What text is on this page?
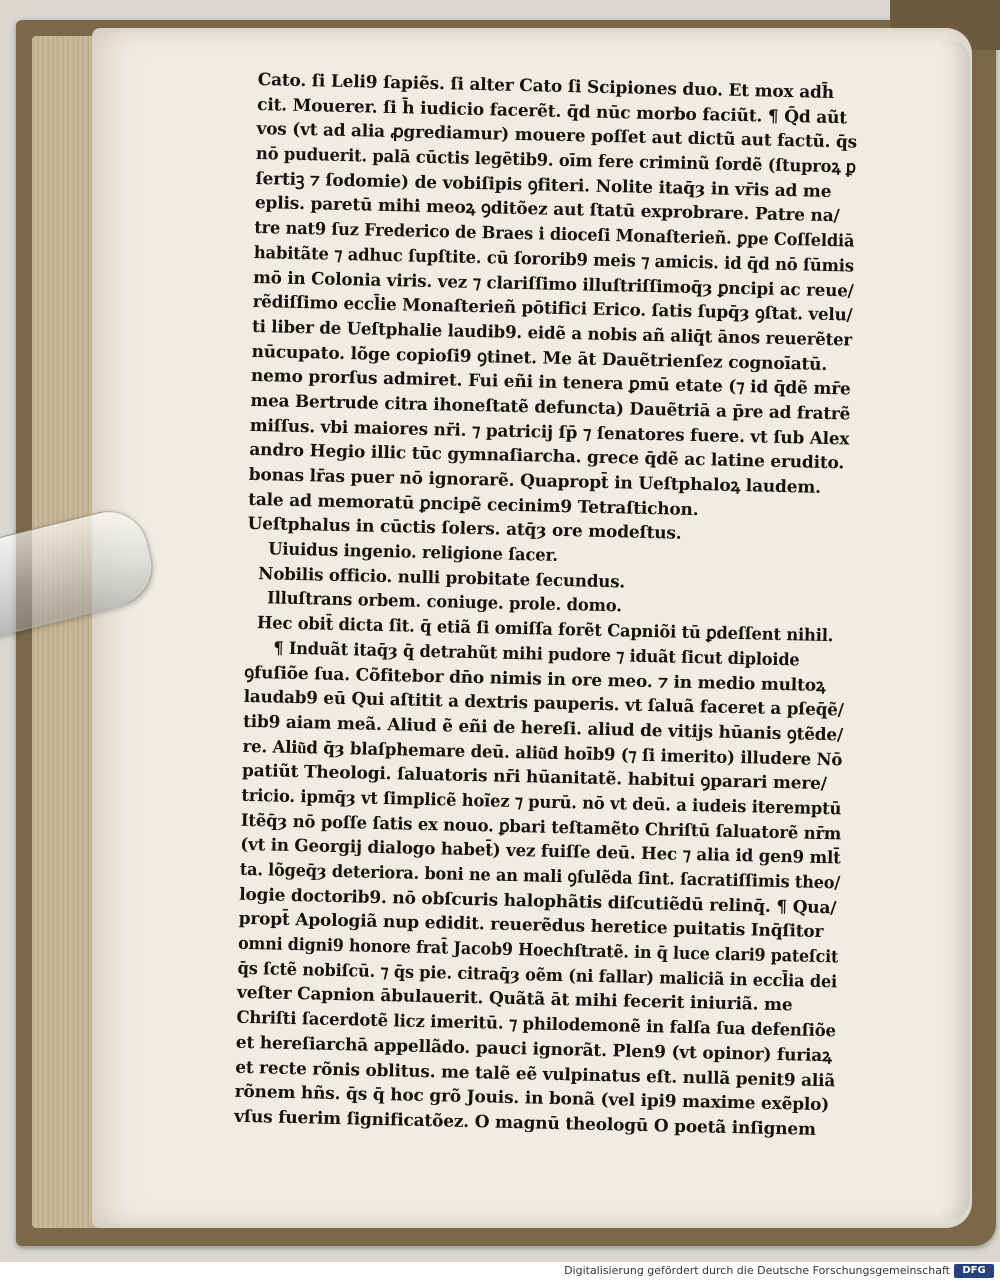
Cato. ſi Leli9 ſapiẽs. ſi alter Cato ſi Scipiones duo. Et mox adh̄
cit. Mouerer. ſi h̄ iudicio facerẽt. q̄d nūc morbo faciũt. ¶ Q̄d aũt
vos (vt ad alia ꝓgrediamur) mouere poſſet aut dictũ aut factũ. q̄s
nō puduerit. palā cūctis legētib9. oīm fere criminũ ſordẽ (ſtuproꝝ ꝑ
ſertiꝫ ⁊ ſodomie) de vobiſipis ꝯfiteri. Nolite itaq̄ȝ in vr̄is ad me
eplis. paretū mihi meoꝝ ꝯditõez aut ſtatū exprobrare. Patre na/
tre nat9 ſuz Frederico de Braes i dioceſi Monaſterieñ. ꝑpe Coſſeldiā
habitãte ⁊ adhuc ſupſtite. cū ſororib9 meis ⁊ amicis. id q̄d nō ſūmis
mō in Colonia viris. vez ⁊ clariſſimo illuſtriſſimoq̄ȝ ꝑncipi ac reue/
rẽdiſſimo eccl̄ie Monaſterieñ pōtifici Erico. ſatis ſupq̄ȝ ꝯſtat. velu/
ti liber de Ueſtphalie laudib9. eidẽ a nobis añ aliq̄t ānos reuerẽter
nūcupato. lõge copioſi9 ꝯtinet. Me āt Dauẽtrienſez cognoīatū.
nemo prorſus admiret. Fui eñi in tenera ꝑmū etate (⁊ id q̄dẽ mr̄e
mea Bertrude citra ihoneſtatẽ defuncta) Dauẽtriā a p̄re ad fratrẽ
miſſus. vbi maiores nr̄i. ⁊ patricij ſp̄ ⁊ ſenatores fuere. vt ſub Alex
andro Hegio illic tūc gymnaſiarcha. grece q̄dẽ ac latine erudito.
bonas lr̄as puer nō ignorarẽ. Quapropt̄ in Ueſtphaloꝝ laudem.
tale ad memoratū ꝑncipẽ cecinim9 Tetraſtichon.
Ueſtphalus in cūctis ſolers. atq̄ȝ ore modeſtus.
Uiuidus ingenio. religione ſacer.
Nobilis officio. nulli probitate ſecundus.
Illuſtrans orbem. coniuge. prole. domo.
Hec obit̄ dicta ſit. q̄ etiã ſi omiſſa forẽt Capniõi tū ꝑdeſſent nihil.
¶ Induãt itaq̄ȝ q̄ detrahũt mihi pudore ⁊ iduãt ſicut diploide
ꝯfuſiõe ſua. Cõfitebor dn̄o nimis in ore meo. ⁊ in medio multoꝝ
laudab9 eū Qui aſtitit a dextris pauperis. vt ſaluã faceret a pſeq̄ẽ/
tib9 aiam meã. Aliud ẽ eñi de hereſi. aliud de vitijs hūanis ꝯtẽde/
re. Aliu͂d q̄ȝ blaſphemare deū. aliu͂d hoīb9 (⁊ ſi imerito) illudere Nō
patiũt Theologi. ſaluatoris nr̄i hūanitatẽ. habitui ꝯparari mere/
tricio. ipmq̄ȝ vt ſimplicẽ hoĩez ⁊ purū. nō vt deū. a iudeis iteremptū
Itẽq̄ȝ nō poſſe ſatis ex nouo. ꝑbari teſtamẽto Chriſtū ſaluatorẽ nr̄m
(vt in Georgij dialogo habet̄) vez fuiſſe deū. Hec ⁊ alia id gen9 mlt̄
ta. lõgeq̄ȝ deteriora. boni ne an mali ꝯſulẽda ſint. ſacratiſſimis theo/
logie doctorib9. nō obſcuris halophãtis diſcutiẽdū relinq̄. ¶ Qua/
propt̄ Apologiã nup edidit. reuerẽdus heretice puitatis Inq̄ſitor
omni digni9 honore frat̄ Jacob9 Hoechſtratẽ. in q̄ luce clari9 pateſcit
q̄s ſctẽ nobiſcū. ⁊ q̄s pie. citraq̄ȝ oẽm (ni fallar) maliciã in eccl̄ia dei
veſter Capnion ābulauerit. Quãtã āt mihi fecerit iniuriã. me
Chriſti ſacerdotẽ licz imeritū. ⁊ philodemonẽ in falſa ſua defenſiõe
et hereſiarchā appellãdo. pauci ignorãt. Plen9 (vt opinor) furiaꝝ
et recte rõnis oblitus. me talẽ eẽ vulpinatus eſt. nullã penit9 aliã
rõnem hñs. q̄s q̄ hoc grõ Jouis. in bonã (vel ipi9 maxime exẽplo)
vſus fuerim ſignificatõez. O magnū theologū O poetã inſignem
Digitalisierung gefördert durch die Deutsche Forschungsgemeinschaft	DFG
